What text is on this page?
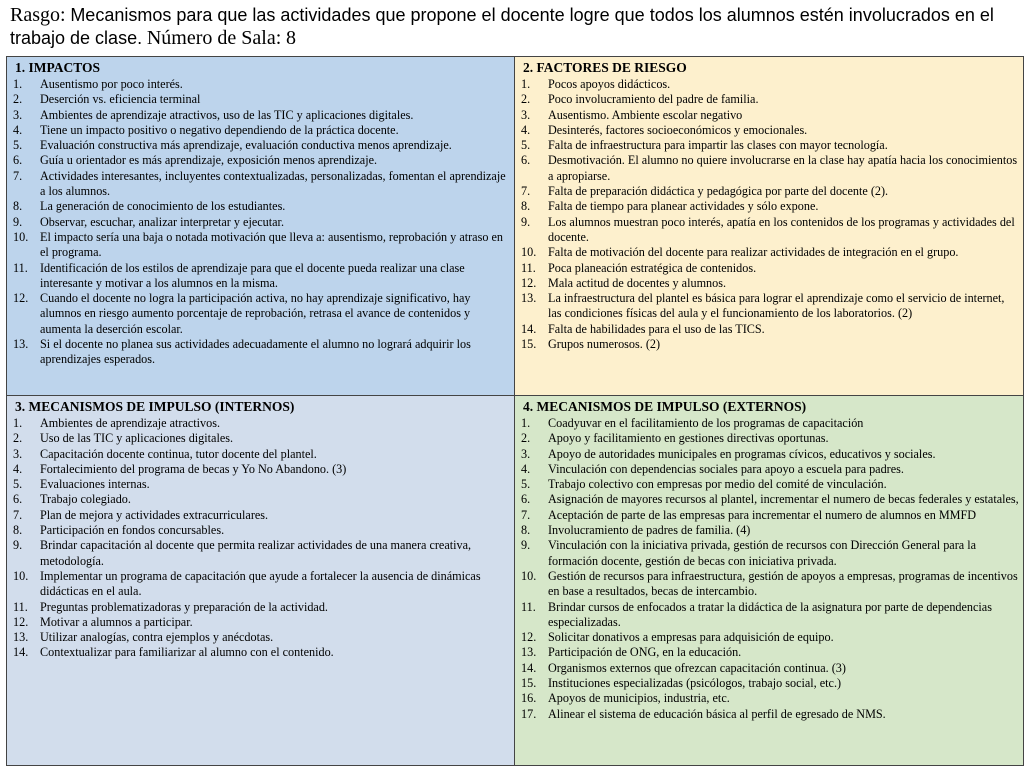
Rasgo: Mecanismos para que las actividades que propone el docente logre que todos los alumnos estén involucrados en el trabajo de clase. Número de Sala: 8
1. IMPACTOS
1.	Ausentismo por poco interés.
2.	Deserción vs. eficiencia terminal
3.	Ambientes de aprendizaje atractivos, uso de las TIC y aplicaciones digitales.
4.	Tiene un impacto positivo o negativo dependiendo de la práctica docente.
5.	Evaluación constructiva más aprendizaje, evaluación conductiva menos aprendizaje.
6.	Guía u orientador es más aprendizaje, exposición menos aprendizaje.
7.	Actividades interesantes, incluyentes contextualizadas, personalizadas, fomentan el aprendizaje a los alumnos.
8.	La generación de conocimiento de los estudiantes.
9.	Observar, escuchar, analizar interpretar y ejecutar.
10. El impacto sería una baja o notada motivación que lleva a: ausentismo, reprobación y atraso en el programa.
11.	Identificación de los estilos de aprendizaje para que el docente pueda realizar una clase interesante y motivar a los alumnos en la misma.
12. Cuando el docente no logra la participación activa, no hay aprendizaje significativo, hay alumnos en riesgo aumento porcentaje de reprobación, retrasa el avance de contenidos y aumenta la deserción escolar.
13. Si el docente no planea sus actividades adecuadamente el alumno no logrará adquirir los aprendizajes esperados.
2. FACTORES DE RIESGO
1.	Pocos apoyos didácticos.
2.	Poco involucramiento del padre de familia.
3.	Ausentismo. Ambiente escolar negativo
4.	Desinterés, factores socioeconómicos y emocionales.
5.	Falta de infraestructura para impartir las clases con mayor tecnología.
6.	Desmotivación. El alumno no quiere involucrarse en la clase hay apatía hacia los conocimientos a apropiarse.
7.	Falta de preparación didáctica y pedagógica por parte del docente (2).
8.	Falta de tiempo para planear actividades y sólo expone.
9.	Los alumnos muestran poco interés, apatía en los contenidos de los programas y actividades del docente.
10. Falta de motivación del docente para realizar actividades de integración en el grupo.
11.	Poca planeación estratégica de contenidos.
12. Mala actitud de docentes y alumnos.
13. La infraestructura del plantel es básica para lograr el aprendizaje como el servicio de internet, las condiciones físicas del aula y el funcionamiento de los laboratorios. (2)
14. Falta de habilidades para el uso de las TICS.
15. Grupos numerosos. (2)
3. MECANISMOS DE IMPULSO (INTERNOS)
1.	Ambientes de aprendizaje atractivos.
2.	Uso de las TIC y aplicaciones digitales.
3.	Capacitación docente continua, tutor docente del plantel.
4.	Fortalecimiento del programa de becas y Yo No Abandono. (3)
5.	Evaluaciones internas.
6.	Trabajo colegiado.
7.	Plan de mejora y actividades extracurriculares.
8.	Participación en fondos concursables.
9.	Brindar capacitación al docente que permita realizar actividades de una manera creativa, metodología.
10. Implementar un programa de capacitación que ayude a fortalecer la ausencia de dinámicas didácticas en el aula.
11.	Preguntas problematizadoras y preparación de la actividad.
12. Motivar a alumnos a participar.
13. Utilizar analogías, contra ejemplos y anécdotas.
14. Contextualizar para familiarizar al alumno con el contenido.
4. MECANISMOS DE IMPULSO (EXTERNOS)
1.	Coadyuvar en el facilitamiento de los programas de capacitación
2.	Apoyo y facilitamiento en gestiones directivas oportunas.
3.	Apoyo de autoridades municipales en programas cívicos, educativos y sociales.
4.	Vinculación con dependencias sociales para apoyo a escuela para padres.
5.	Trabajo colectivo con empresas por medio del comité de vinculación.
6.	Asignación de mayores recursos al plantel, incrementar el numero de becas federales y estatales,
7.	Aceptación de parte de las empresas para incrementar el numero de alumnos en MMFD
8.	Involucramiento de padres de familia. (4)
9.	Vinculación con la iniciativa privada, gestión de recursos con Dirección General para la formación docente, gestión de becas con iniciativa privada.
10. Gestión de recursos para infraestructura, gestión de apoyos a empresas, programas de incentivos en base a resultados, becas de intercambio.
11.	Brindar cursos de enfocados a tratar la didáctica de la asignatura por parte de dependencias especializadas.
12. Solicitar donativos a empresas para adquisición de equipo.
13. Participación de ONG, en la educación.
14. Organismos externos que ofrezcan capacitación continua. (3)
15. Instituciones especializadas (psicólogos, trabajo social, etc.)
16. Apoyos de municipios, industria, etc.
17. Alinear el sistema de educación básica al perfil de egresado de NMS.
